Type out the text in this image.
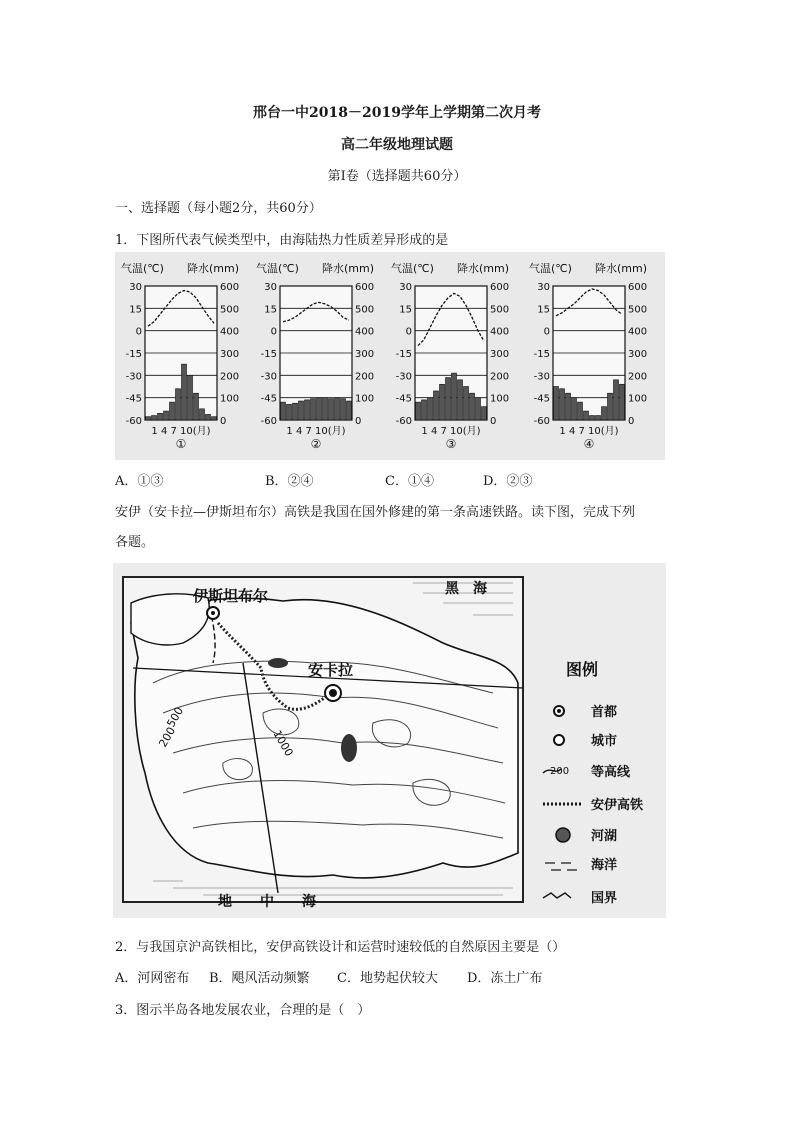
邢台一中2018－2019学年上学期第二次月考
高二年级地理试题
第Ⅰ卷（选择题共60分）
一、选择题（每小题2分，共60分）
1．下图所代表气候类型中，由海陆热力性质差异形成的是
气温(℃) 降水(mm)
30
15
0
-15
-30
-45
-60
600
500
400
300
200
100
0
1 4 7 10(月)
①
气温(℃) 降水(mm)
30
15
0
-15
-30
-45
-60
600
500
400
300
200
100
0
1 4 7 10(月)
②
气温(℃) 降水(mm)
30
15
0
-15
-30
-45
-60
600
500
400
300
200
100
0
1 4 7 10(月)
③
气温(℃) 降水(mm)
30
15
0
-15
-30
-45
-60
600
500
400
300
200
100
0
1 4 7 10(月)
④
A．①③	B．②④	C．①④	D．②③
安伊（安卡拉—伊斯坦布尔）高铁是我国在国外修建的第一条高速铁路。读下图，完成下列
各题。
伊斯坦布尔
安卡拉
黑　海
地　　中　　海
500
200	1000
图例
首都
城市
200 等高线
安伊高铁
河湖
海洋
国界
2．与我国京沪高铁相比，安伊高铁设计和运营时速较低的自然原因主要是（）
A．河网密布 B．飓风活动频繁 C．地势起伏较大 D．冻土广布
3．图示半岛各地发展农业，合理的是（　）
